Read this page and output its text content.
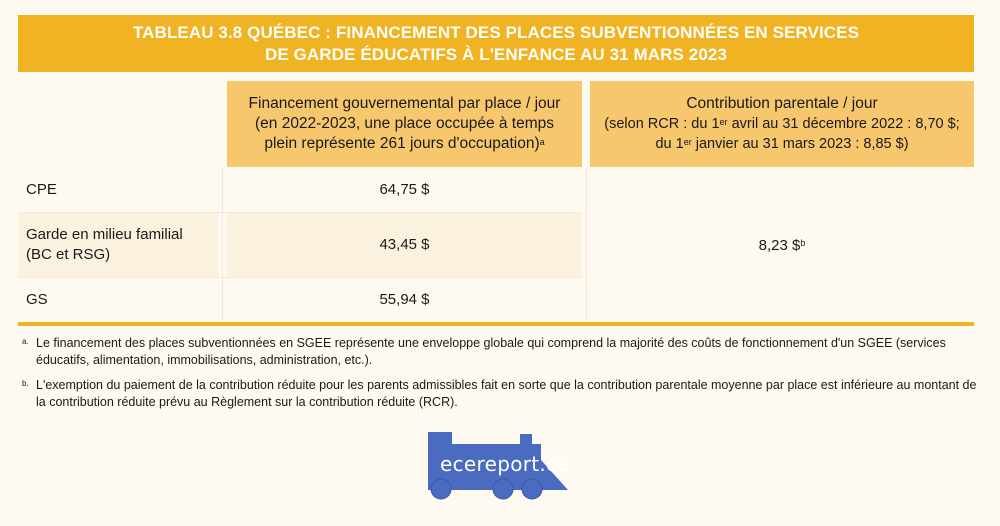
TABLEAU 3.8 QUÉBEC : FINANCEMENT DES PLACES SUBVENTIONNÉES EN SERVICES
DE GARDE ÉDUCATIFS À L'ENFANCE AU 31 MARS 2023
Financement gouvernemental par place / jour
(en 2022-2023, une place occupée à temps
plein représente 261 jours d'occupation)$^a$
Contribution parentale / jour
(selon RCR : du 1er avril au 31 décembre 2022 : 8,70 $;
du 1er janvier au 31 mars 2023 : 8,85 $)
CPE	64,75 $
Garde en milieu familial
(BC et RSG)
43,45 $
GS	55,94 $
8,23 \$$^b$
a. Le financement des places subventionnées en SGEE représente une enveloppe globale qui comprend la majorité des coûts de fonctionnement d'un SGEE (services éducatifs, alimentation, immobilisations, administration, etc.).
b. L'exemption du paiement de la contribution réduite pour les parents admissibles fait en sorte que la contribution parentale moyenne par place est inférieure au montant de la contribution réduite prévu au Règlement sur la contribution réduite (RCR).
ecereport.ca
